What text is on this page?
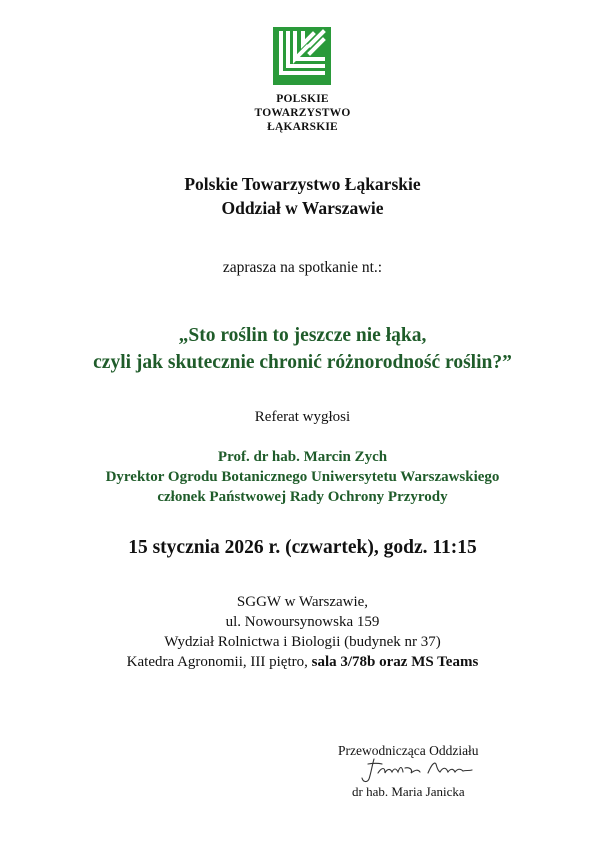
POLSKIE
TOWARZYSTWO
ŁĄKARSKIE
Polskie Towarzystwo Łąkarskie
Oddział w Warszawie
zaprasza na spotkanie nt.:
„Sto roślin to jeszcze nie łąka,
czyli jak skutecznie chronić różnorodność roślin?”
Referat wygłosi
Prof. dr hab. Marcin Zych
Dyrektor Ogrodu Botanicznego Uniwersytetu Warszawskiego
członek Państwowej Rady Ochrony Przyrody
15 stycznia 2026 r. (czwartek), godz. 11:15
SGGW w Warszawie,
ul. Nowoursynowska 159
Wydział Rolnictwa i Biologii (budynek nr 37)
Katedra Agronomii, III piętro, sala 3/78b oraz MS Teams
Przewodnicząca Oddziału
dr hab. Maria Janicka
